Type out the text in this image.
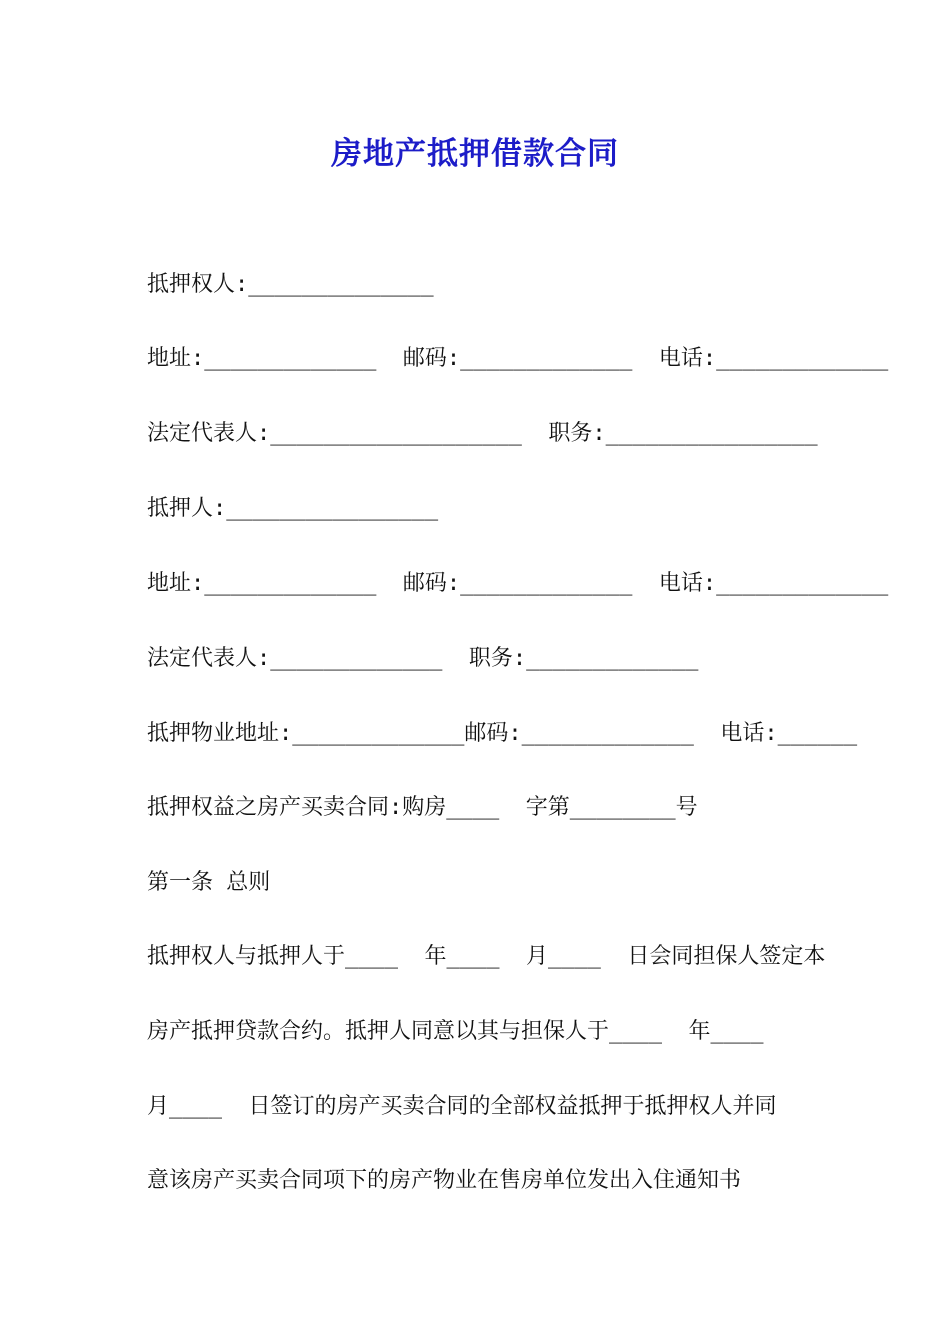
房地产抵押借款合同
抵押权人:______________
地址:_____________  邮码:_____________  电话:_____________
法定代表人:___________________  职务:________________
抵押人:________________
地址:_____________  邮码:_____________  电话:_____________
法定代表人:_____________  职务:_____________
抵押物业地址:_____________邮码:_____________  电话:______
抵押权益之房产买卖合同:购房____  字第________号
第一条 总则
抵押权人与抵押人于____  年____  月____  日会同担保人签定本
房产抵押贷款合约。抵押人同意以其与担保人于____  年____
月____  日签订的房产买卖合同的全部权益抵押于抵押权人并同
意该房产买卖合同项下的房产物业在售房单位发出入住通知书
